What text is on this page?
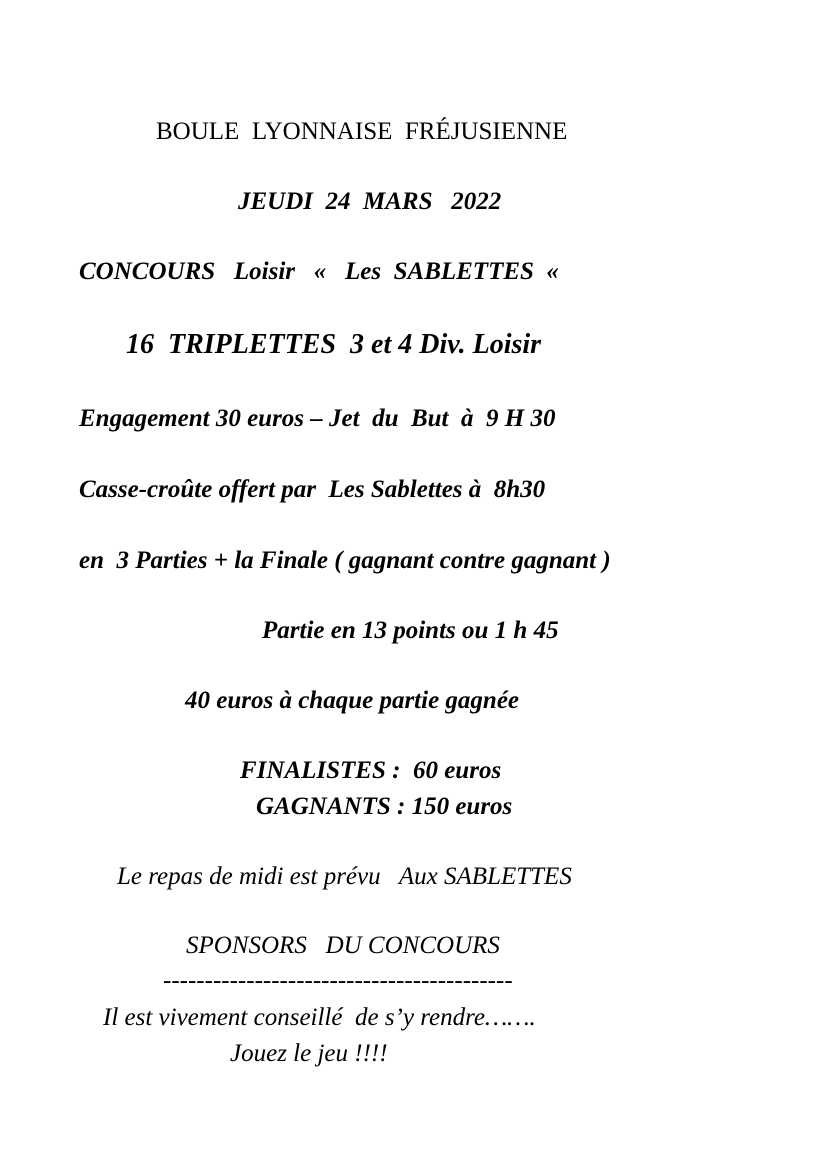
BOULE  LYONNAISE  FRÉJUSIENNE
JEUDI  24  MARS   2022
CONCOURS   Loisir   «   Les  SABLETTES  «
16  TRIPLETTES  3 et 4 Div. Loisir
Engagement 30 euros – Jet  du  But  à  9 H 30
Casse-croûte offert par  Les Sablettes à  8h30
en  3 Parties + la Finale ( gagnant contre gagnant )
Partie en 13 points ou 1 h 45
40 euros à chaque partie gagnée
FINALISTES :  60 euros
GAGNANTS : 150 euros
Le repas de midi est prévu   Aux SABLETTES
SPONSORS   DU CONCOURS
------------------------------------------
Il est vivement conseillé  de s’y rendre…….
Jouez le jeu !!!!
